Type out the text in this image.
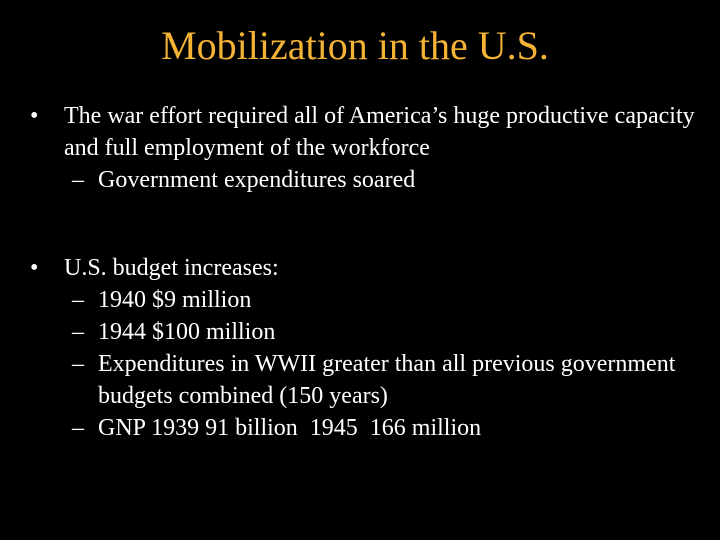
Mobilization in the U.S.
•	The war effort required all of America’s huge productive capacity and full employment of the workforce
– Government expenditures soared
•	U.S. budget increases:
– 1940 $9 million
– 1944 $100 million
– Expenditures in WWII greater than all previous government budgets combined (150 years)
– GNP 1939 91 billion  1945  166 million
